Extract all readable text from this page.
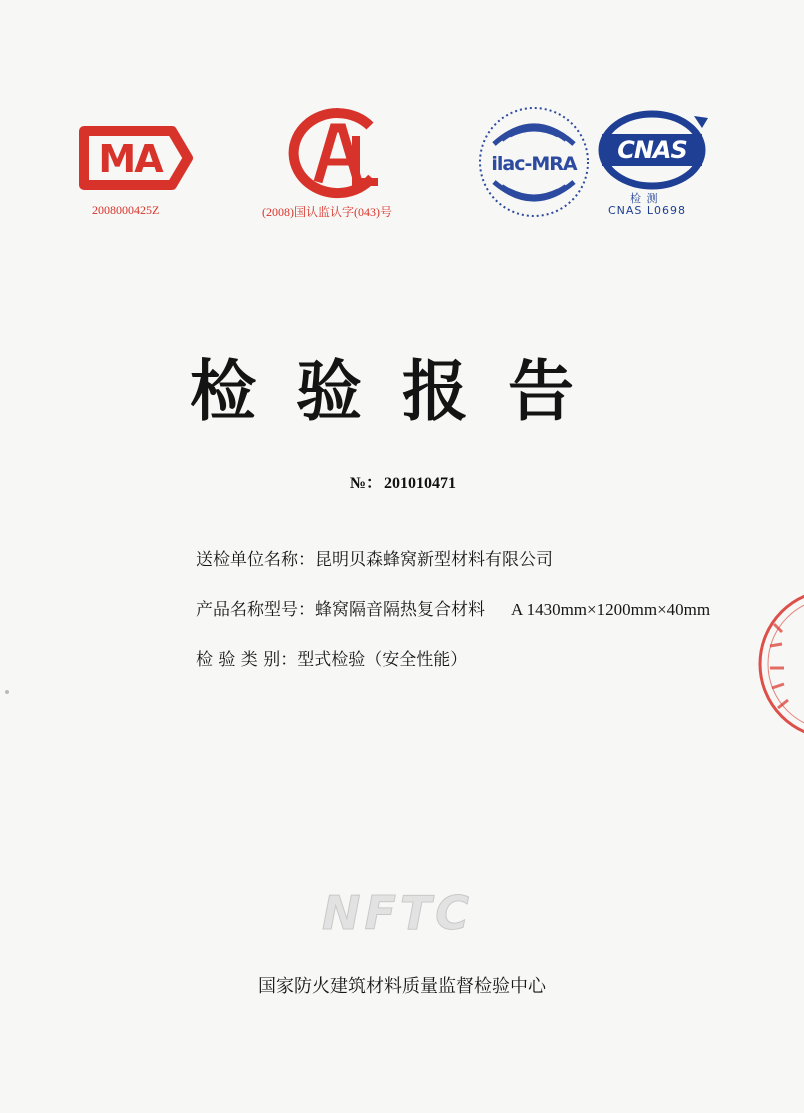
MA
2008000425Z	(2008)国认监认字(043)号
ilac-MRA CNAS
检 测
CNAS L0698
检验报告
№： 201010471
送检单位名称：昆明贝森蜂窝新型材料有限公司
产品名称型号：蜂窝隔音隔热复合材料 A 1430mm×1200mm×40mm
检 验 类 别：型式检验（安全性能）
NFTC
国家防火建筑材料质量监督检验中心
